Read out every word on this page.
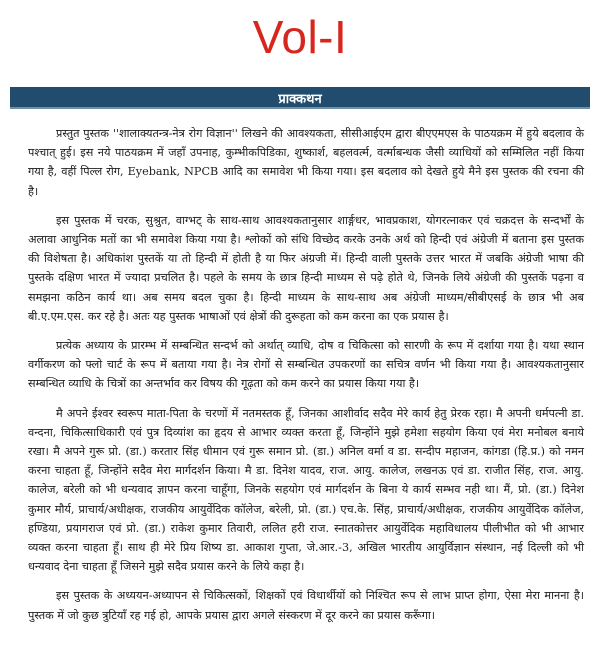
Vol-I
प्राक्कथन

प्रस्तुत पुस्तक ''शालाक्यतन्त्र-नेत्र रोग विज्ञान'' लिखने की आवश्यकता, सीसीआईएम द्वारा बीएएमएस के पाठयक्रम में हुये बदलाव के पश्चात् हुई। इस नये पाठयक्रम में जहाँ उपनाह, कुम्भीकपिडिका, शुष्कार्श, बहलवर्त्म, वर्त्माबन्धक जैसी व्याधियों को सम्मिलित नहीं किया गया है, वहीं पिल्ल रोग, Eyebank, NPCB आदि का समावेश भी किया गया। इस बदलाव को देखते हुये मैने इस पुस्तक की रचना की है।

इस पुस्तक में चरक, सुश्रुत, वाग्भट् के साथ-साथ आवश्यकतानुसार शार्ङ्गधर, भावप्रकाश, योगरत्नाकर एवं चक्रदत्त के सन्दर्भों के अलावा आधुनिक मतों का भी समावेश किया गया है। श्लोकों को संधि विच्छेद करके उनके अर्थ को हिन्दी एवं अंग्रेजी में बताना इस पुस्तक की विशेषता है। अधिकांश पुस्तकें या तो हिन्दी में होती है या फिर अंग्रजी में। हिन्दी वाली पुस्तके उत्तर भारत में जबकि अंग्रेजी भाषा की पुस्तके दक्षिण भारत में ज्यादा प्रचलित है। पहले के समय के छात्र हिन्दी माध्यम से पढ़े होते थे, जिनके लिये अंग्रेजी की पुस्तकें पढ़ना व समझना कठिन कार्य था। अब समय बदल चुका है। हिन्दी माध्यम के साथ-साथ अब अंग्रेजी माध्यम/सीबीएसई के छात्र भी अब बी.ए.एम.एस. कर रहे है। अतः यह पुस्तक भाषाओं एवं क्षेत्रों की दुरूहता को कम करना का एक प्रयास है।

प्रत्येक अध्याय के प्रारम्भ में सम्बन्धित सन्दर्भ को अर्थात् व्याधि, दोष व चिकित्सा को सारणी के रूप में दर्शाया गया है। यथा स्थान वर्गीकरण को फ्लो चार्ट के रूप में बताया गया है। नेत्र रोगों से सम्बन्धित उपकरणों का सचित्र वर्णन भी किया गया है। आवश्यकतानुसार सम्बन्धित व्याधि के चित्रों का अन्तर्भाव कर विषय की गूढ़ता को कम करने का प्रयास किया गया है।

मै अपने ईश्वर स्वरूप माता-पिता के चरणों में नतमस्तक हूँ, जिनका आशीर्वाद सदैव मेरे कार्य हेतु प्रेरक रहा। मै अपनी धर्मपत्नी डा. वन्दना, चिकित्साधिकारी एवं पुत्र दिव्यांश का हृदय से आभार व्यक्त करता हूँ, जिन्होंने मुझे हमेशा सहयोग किया एवं मेरा मनोबल बनाये रखा। मै अपने गुरू प्रो. (डा.) करतार सिंह धीमान एवं गुरू समान प्रो. (डा.) अनिल वर्मा व डा. सन्दीप महाजन, कांगडा (हि.प्र.) को नमन करना चाहता हूँ, जिन्होंने सदैव मेरा मार्गदर्शन किया। मै डा. दिनेश यादव, राज. आयु. कालेज, लखनऊ एवं डा. राजीत सिंह, राज. आयु. कालेज, बरेली को भी धन्यवाद ज्ञापन करना चाहूँगा, जिनके सहयोग एवं मार्गदर्शन के बिना ये कार्य सम्भव नही था। मैं, प्रो. (डा.) दिनेश कुमार मौर्य, प्राचार्य/अधीक्षक, राजकीय आयुर्वेदिक कॉलेज, बरेली, प्रो. (डा.) एच.के. सिंह, प्राचार्य/अधीक्षक, राजकीय आयुर्वेदिक कॉलेज, हण्डिया, प्रयागराज एवं प्रो. (डा.) राकेश कुमार तिवारी, ललित हरी राज. स्नातकोत्तर आयुर्वेदिक महाविधालय पीलीभीत को भी आभार व्यक्त करना चाहता हूँ। साथ ही मेरे प्रिय शिष्य डा. आकाश गुप्ता, जे.आर.-3, अखिल भारतीय आयुर्विज्ञान संस्थान, नई दिल्ली को भी धन्यवाद देना चाहता हूँ जिसने मुझे सदैव प्रयास करने के लिये कहा है।

इस पुस्तक के अध्ययन-अध्यापन से चिकित्सकों, शिक्षकों एवं विधार्थीयों को निश्चित रूप से लाभ प्राप्त होगा, ऐसा मेरा मानना है। पुस्तक में जो कुछ त्रुटियाँ रह गई हो, आपके प्रयास द्वारा अगले संस्करण में दूर करने का प्रयास करूँगा।
